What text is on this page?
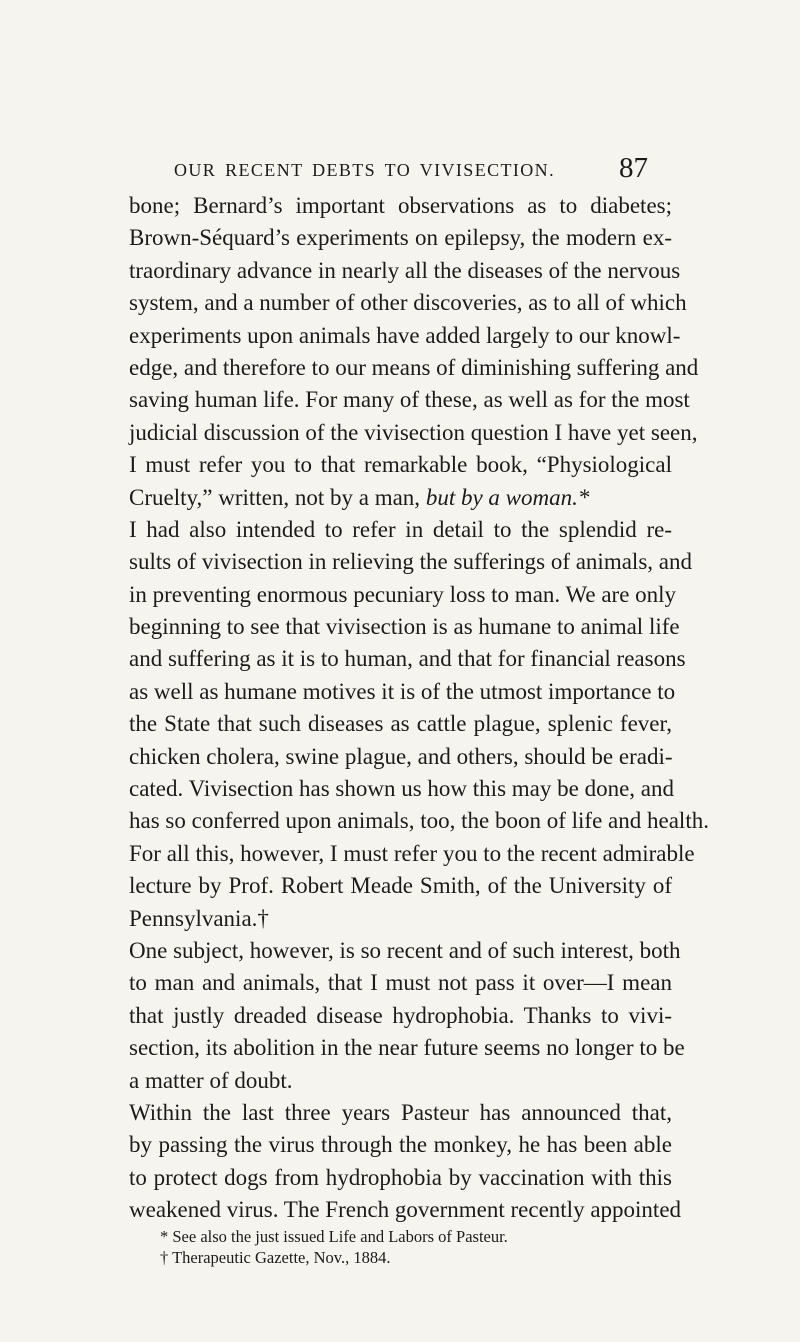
OUR RECENT DEBTS TO VIVISECTION. 87
bone; Bernard’s important observations as to diabetes;
Brown-Séquard’s experiments on epilepsy, the modern ex-
traordinary advance in nearly all the diseases of the nervous
system, and a number of other discoveries, as to all of which
experiments upon animals have added largely to our knowl-
edge, and therefore to our means of diminishing suffering and
saving human life. For many of these, as well as for the most
judicial discussion of the vivisection question I have yet seen,
I must refer you to that remarkable book, “Physiological
Cruelty,” written, not by a man, but by a woman.*
I had also intended to refer in detail to the splendid re-
sults of vivisection in relieving the sufferings of animals, and
in preventing enormous pecuniary loss to man. We are only
beginning to see that vivisection is as humane to animal life
and suffering as it is to human, and that for financial reasons
as well as humane motives it is of the utmost importance to
the State that such diseases as cattle plague, splenic fever,
chicken cholera, swine plague, and others, should be eradi-
cated. Vivisection has shown us how this may be done, and
has so conferred upon animals, too, the boon of life and health.
For all this, however, I must refer you to the recent admirable
lecture by Prof. Robert Meade Smith, of the University of
Pennsylvania.†
One subject, however, is so recent and of such interest, both
to man and animals, that I must not pass it over—I mean
that justly dreaded disease hydrophobia. Thanks to vivi-
section, its abolition in the near future seems no longer to be
a matter of doubt.
Within the last three years Pasteur has announced that,
by passing the virus through the monkey, he has been able
to protect dogs from hydrophobia by vaccination with this
weakened virus. The French government recently appointed
* See also the just issued Life and Labors of Pasteur.
† Therapeutic Gazette, Nov., 1884.
